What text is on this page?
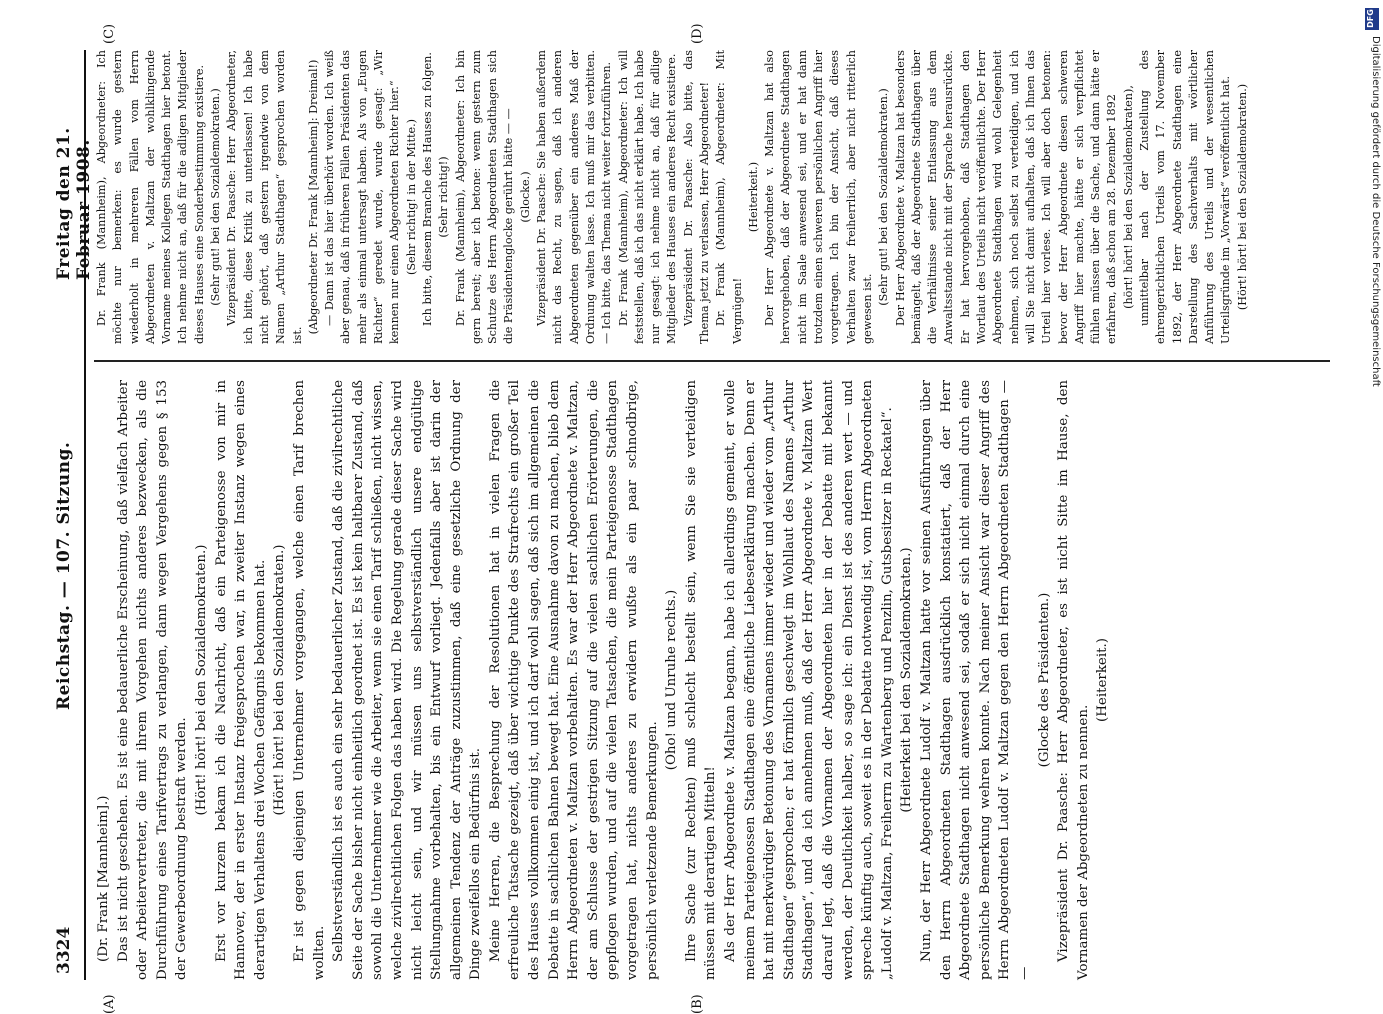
3324
Reichstag. — 107. Sitzung.
Freitag den 21. Februar 1908.
(A)	(B)
(C)	(D)

(Dr. Frank [Mannheim].) Das ist nicht geschehen. Es ist eine bedauerliche Erscheinung, daß vielfach Arbeiter oder Arbeitervertreter, die mit ihrem Vorgehen nichts anderes bezwecken, als die Durchführung eines Tarifvertrags zu verlangen, dann wegen Vergehens gegen § 153 der Gewerbeordnung bestraft werden.

(Hört! hört! bei den Sozialdemokraten.) Erst vor kurzem bekam ich die Nachricht, daß ein Parteigenosse von mir in Hannover, der in erster Instanz freigesprochen war, in zweiter Instanz wegen eines derartigen Verhaltens drei Wochen Gefängnis bekommen hat. (Hört! hört! bei den Sozialdemokraten.) Er ist gegen diejenigen Unternehmer vorgegangen, welche einen Tarif brechen wollten. Selbstverständlich ist es auch ein sehr bedauerlicher Zustand, daß die zivilrechtliche Seite der Sache bisher nicht einheitlich geordnet ist. Es ist kein haltbarer Zustand, daß sowohl die Unternehmer wie die Arbeiter, wenn sie einen Tarif schließen, nicht wissen, welche zivilrechtlichen Folgen das haben wird. Die Regelung gerade dieser Sache wird nicht leicht sein, und wir müssen uns selbstverständlich unsere endgültige Stellungnahme vorbehalten, bis ein Entwurf vorliegt. Jedenfalls aber ist darin der allgemeinen Tendenz der Anträge zuzustimmen, daß eine gesetzliche Ordnung der Dinge zweifellos ein Bedürfnis ist. Meine Herren, die Besprechung der Resolutionen hat in vielen Fragen die erfreuliche Tatsache gezeigt, daß über wichtige Punkte des Strafrechts ein großer Teil des Hauses vollkommen einig ist, und ich darf wohl sagen, daß sich im allgemeinen die Debatte in sachlichen Bahnen bewegt hat. Eine Ausnahme davon zu machen, blieb dem Herrn Abgeordneten v. Maltzan vorbehalten. Es war der Herr Abgeordnete v. Maltzan, der am Schlusse der gestrigen Sitzung auf die vielen sachlichen Erörterungen, die gepflogen wurden, und auf die vielen Tatsachen, die mein Parteigenosse Stadthagen vorgetragen hat, nichts anderes zu erwidern wußte als ein paar schnodbrige, persönlich verletzende Bemerkungen.

(Oho! und Unruhe rechts.) Ihre Sache (zur Rechten) muß schlecht bestellt sein, wenn Sie sie verteidigen müssen mit derartigen Mitteln! Als der Herr Abgeordnete v. Maltzan begann, habe ich allerdings gemeint, er wolle meinem Parteigenossen Stadthagen eine öffentliche Liebeserklärung machen. Denn er hat mit merkwürdiger Betonung des Vornamens immer wieder und wieder vom „Arthur Stadthagen“ gesprochen; er hat förmlich geschwelgt im Wohllaut des Namens „Arthur Stadthagen“, und da ich annehmen muß, daß der Herr Abgeordnete v. Maltzan Wert darauf legt, daß die Vornamen der Abgeordneten hier in der Debatte mit bekannt werden, der Deutlichkeit halber, so sage ich: ein Dienst ist des anderen wert — und spreche künftig auch, soweit es in der Debatte notwendig ist, vom Herrn Abgeordneten „Ludolf v. Maltzan, Freiherrn zu Wartenberg und Penzlin, Gutsbesitzer in Reckatel“. (Heiterkeit bei den Sozialdemokraten.) Nun, der Herr Abgeordnete Ludolf v. Maltzan hatte vor seinen Ausführungen über den Herrn Abgeordneten Stadthagen ausdrücklich konstatiert, daß der Herr Abgeordnete Stadthagen nicht anwesend sei, sodaß er sich nicht einmal durch eine persönliche Bemerkung wehren konnte. Nach meiner Ansicht war dieser Angriff des Herrn Abgeordneten Ludolf v. Maltzan gegen den Herrn Abgeordneten Stadthagen — —

(Glocke des Präsidenten.) Vizepräsident Dr. Paasche: Herr Abgeordneter, es ist nicht Sitte im Hause, den Vornamen der Abgeordneten zu nennen.

(Heiterkeit.)

Dr. Frank (Mannheim), Abgeordneter: Ich möchte nur bemerken: es wurde gestern wiederholt in mehreren Fällen vom Herrn Abgeordneten v. Maltzan der wohlklingende Vorname meines Kollegen Stadthagen hier betont. Ich nehme nicht an, daß für die adligen Mitglieder dieses Hauses eine Sonderbestimmung existiere. (Sehr gut! bei den Sozialdemokraten.) Vizepräsident Dr. Paasche: Herr Abgeordneter, ich bitte, diese Kritik zu unterlassen! Ich habe nicht gehört, daß gestern irgendwie von dem Namen „Arthur Stadthagen“ gesprochen worden ist.

(Abgeordneter Dr. Frank [Mannheim]: Dreimal!) — Dann ist das hier überhört worden. Ich weiß aber genau, daß in früheren Fällen Präsidenten das mehr als einmal untersagt haben. Als von „Eugen Richter“ geredet wurde, wurde gesagt: „Wir kennen nur einen Abgeordneten Richter hier.“ (Sehr richtig! in der Mitte.) Ich bitte, diesem Branche des Hauses zu folgen. (Sehr richtig!) Dr. Frank (Mannheim), Abgeordneter: Ich bin gern bereit; aber ich betone: wenn gestern zum Schutze des Herrn Abgeordneten Stadthagen sich die Präsidentenglocke gerührt hätte — — (Glocke.) Vizepräsident Dr. Paasche: Sie haben außerdem nicht das Recht, zu sagen, daß ich anderen Abgeordneten gegenüber ein anderes Maß der Ordnung walten lasse. Ich muß mir das verbitten. — Ich bitte, das Thema nicht weiter fortzuführen. Dr. Frank (Mannheim), Abgeordneter: Ich will feststellen, daß ich das nicht erklärt habe. Ich habe nur gesagt: ich nehme nicht an, daß für adlige Mitglieder des Hauses ein anderes Recht existiere. Vizepräsident Dr. Paasche: Also bitte, das Thema jetzt zu verlassen, Herr Abgeordneter! Dr. Frank (Mannheim), Abgeordneter: Mit Vergnügen!

(Heiterkeit.) Der Herr Abgeordnete v. Maltzan hat also hervorgehoben, daß der Abgeordnete Stadthagen nicht im Saale anwesend sei, und er hat dann trotzdem einen schweren persönlichen Angriff hier vorgetragen. Ich bin der Ansicht, daß dieses Verhalten zwar freiherrlich, aber nicht ritterlich gewesen ist.

(Sehr gut! bei den Sozialdemokraten.) Der Herr Abgeordnete v. Maltzan hat besonders bemängelt, daß der Abgeordnete Stadthagen über die Verhältnisse seiner Entlassung aus dem Anwaltsstande nicht mit der Sprache herausrückte. Er hat hervorgehoben, daß Stadthagen den Wortlaut des Urteils nicht veröffentlichte. Der Herr Abgeordnete Stadthagen wird wohl Gelegenheit nehmen, sich noch selbst zu verteidigen, und ich will Sie nicht damit aufhalten, daß ich Ihnen das Urteil hier vorlese. Ich will aber doch betonen: bevor der Herr Abgeordnete diesen schweren Angriff hier machte, hätte er sich verpflichtet fühlen müssen über die Sache, und dann hätte er erfahren, daß schon am 28. Dezember 1892 (hört! hört! bei den Sozialdemokraten), unmittelbar nach der Zustellung des ehrengerichtlichen Urteils vom 17. November 1892, der Herr Abgeordnete Stadthagen eine Darstellung des Sachverhalts mit wörtlicher Anführung des Urteils und der wesentlichen Urteilsgründe im „Vorwärts“ veröffentlicht hat. (Hört! hört! bei den Sozialdemokraten.)

DFG
Digitalisierung gefördert durch die Deutsche Forschungsgemeinschaft
